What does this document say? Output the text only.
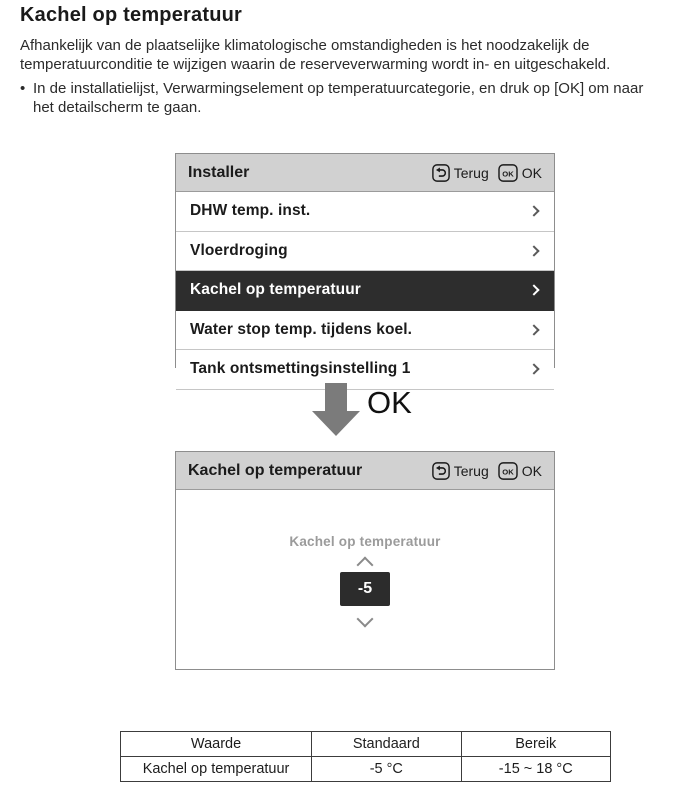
Kachel op temperatuur
Afhankelijk van de plaatselijke klimatologische omstandigheden is het noodzakelijk de
temperatuurconditie te wijzigen waarin de reserveverwarming wordt in- en uitgeschakeld.
• In de installatielijst, Verwarmingselement op temperatuurcategorie, en druk op [OK] om naar
het detailscherm te gaan.
Installer	Terug OK OK
DHW temp. inst.
Vloerdroging
Kachel op temperatuur
Water stop temp. tijdens koel.
Tank ontsmettingsinstelling 1
OK
Kachel op temperatuur	Terug OK OK
Kachel op temperatuur
-5
Waarde	Standaard	Bereik
Kachel op temperatuur	-5 °C	-15 ~ 18 °C
